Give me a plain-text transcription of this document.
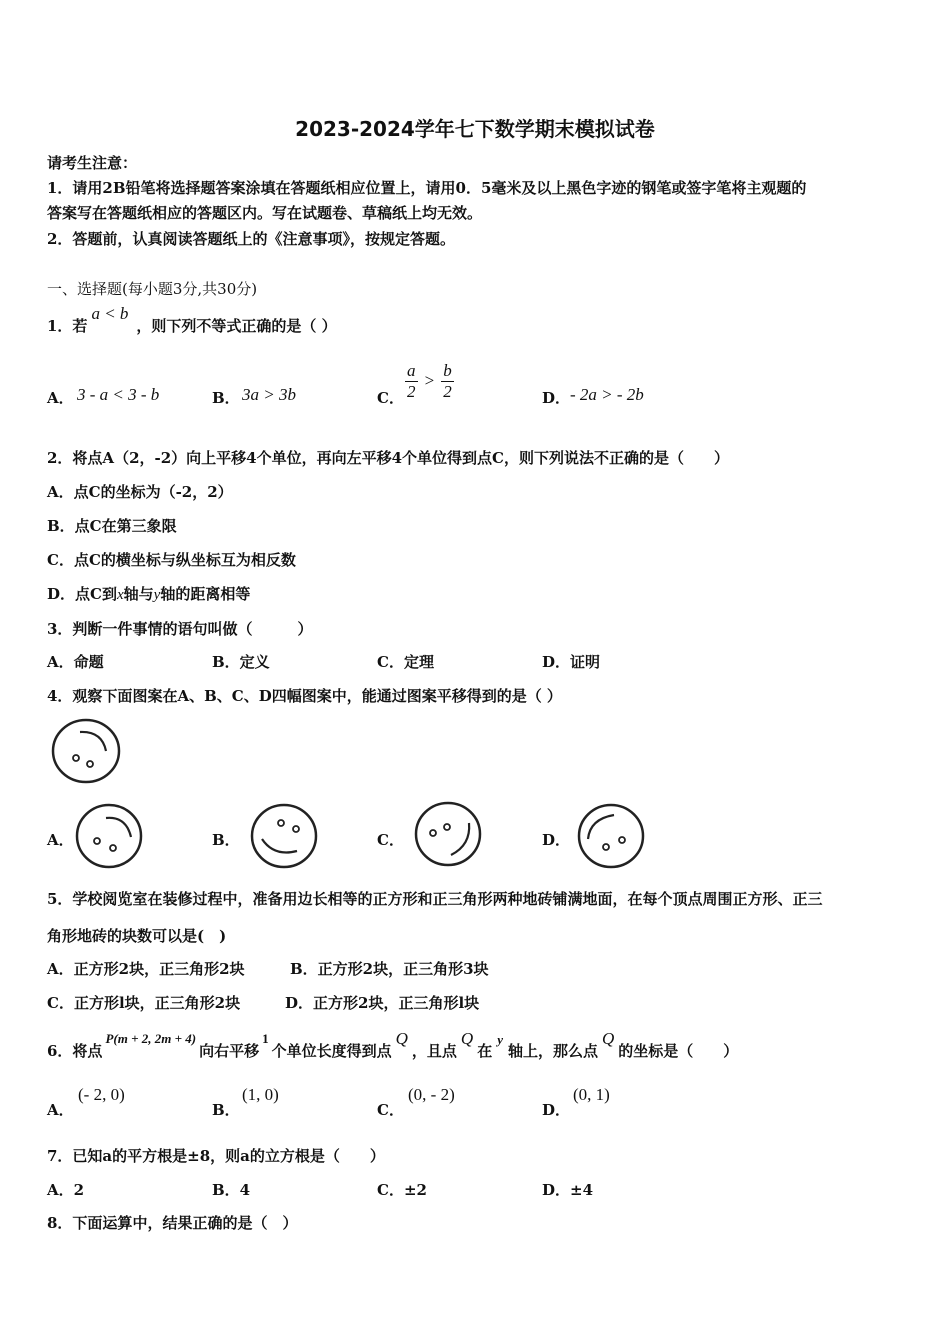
2023-2024学年七下数学期末模拟试卷
请考生注意：
1．请用2B铅笔将选择题答案涂填在答题纸相应位置上，请用0．5毫米及以上黑色字迹的钢笔或签字笔将主观题的
答案写在答题纸相应的答题区内。写在试题卷、草稿纸上均无效。
2．答题前，认真阅读答题纸上的《注意事项》，按规定答题。
一、选择题(每小题3分,共30分)
1．若a < b，则下列不等式正确的是（ ）
A． 3 - a < 3 - b	B． 3a > 3b	C． $\frac{a}{2} > \frac{b}{2}$	D． - 2a > - 2b
2．将点A（2，-2）向上平移4个单位，再向左平移4个单位得到点C，则下列说法不正确的是（　　）
A．点C的坐标为（-2，2）
B．点C在第三象限
C．点C的横坐标与纵坐标互为相反数
D．点C到x轴与y轴的距离相等
3．判断一件事情的语句叫做（　　　）
A．命题	B．定义	C．定理	D．证明
4．观察下面图案在A、B、C、D四幅图案中，能通过图案平移得到的是（ ）
A．	B．	C．	D．
5．学校阅览室在装修过程中，准备用边长相等的正方形和正三角形两种地砖铺满地面，在每个顶点周围正方形、正三
角形地砖的块数可以是(　)
A．正方形2块，正三角形2块	B．正方形2块，正三角形3块
C．正方形l块，正三角形2块	D．正方形2块，正三角形l块
6．将点P(m + 2, 2m + 4)向右平移1个单位长度得到点Q，且点Q在y轴上，那么点Q的坐标是（　　）
A．
(- 2, 0)
B．
(1, 0)
C．
(0, - 2)
D．
(0, 1)
7．已知a的平方根是±8，则a的立方根是（　　）
A．2	B．4	C．±2	D．±4
8．下面运算中，结果正确的是（　）
